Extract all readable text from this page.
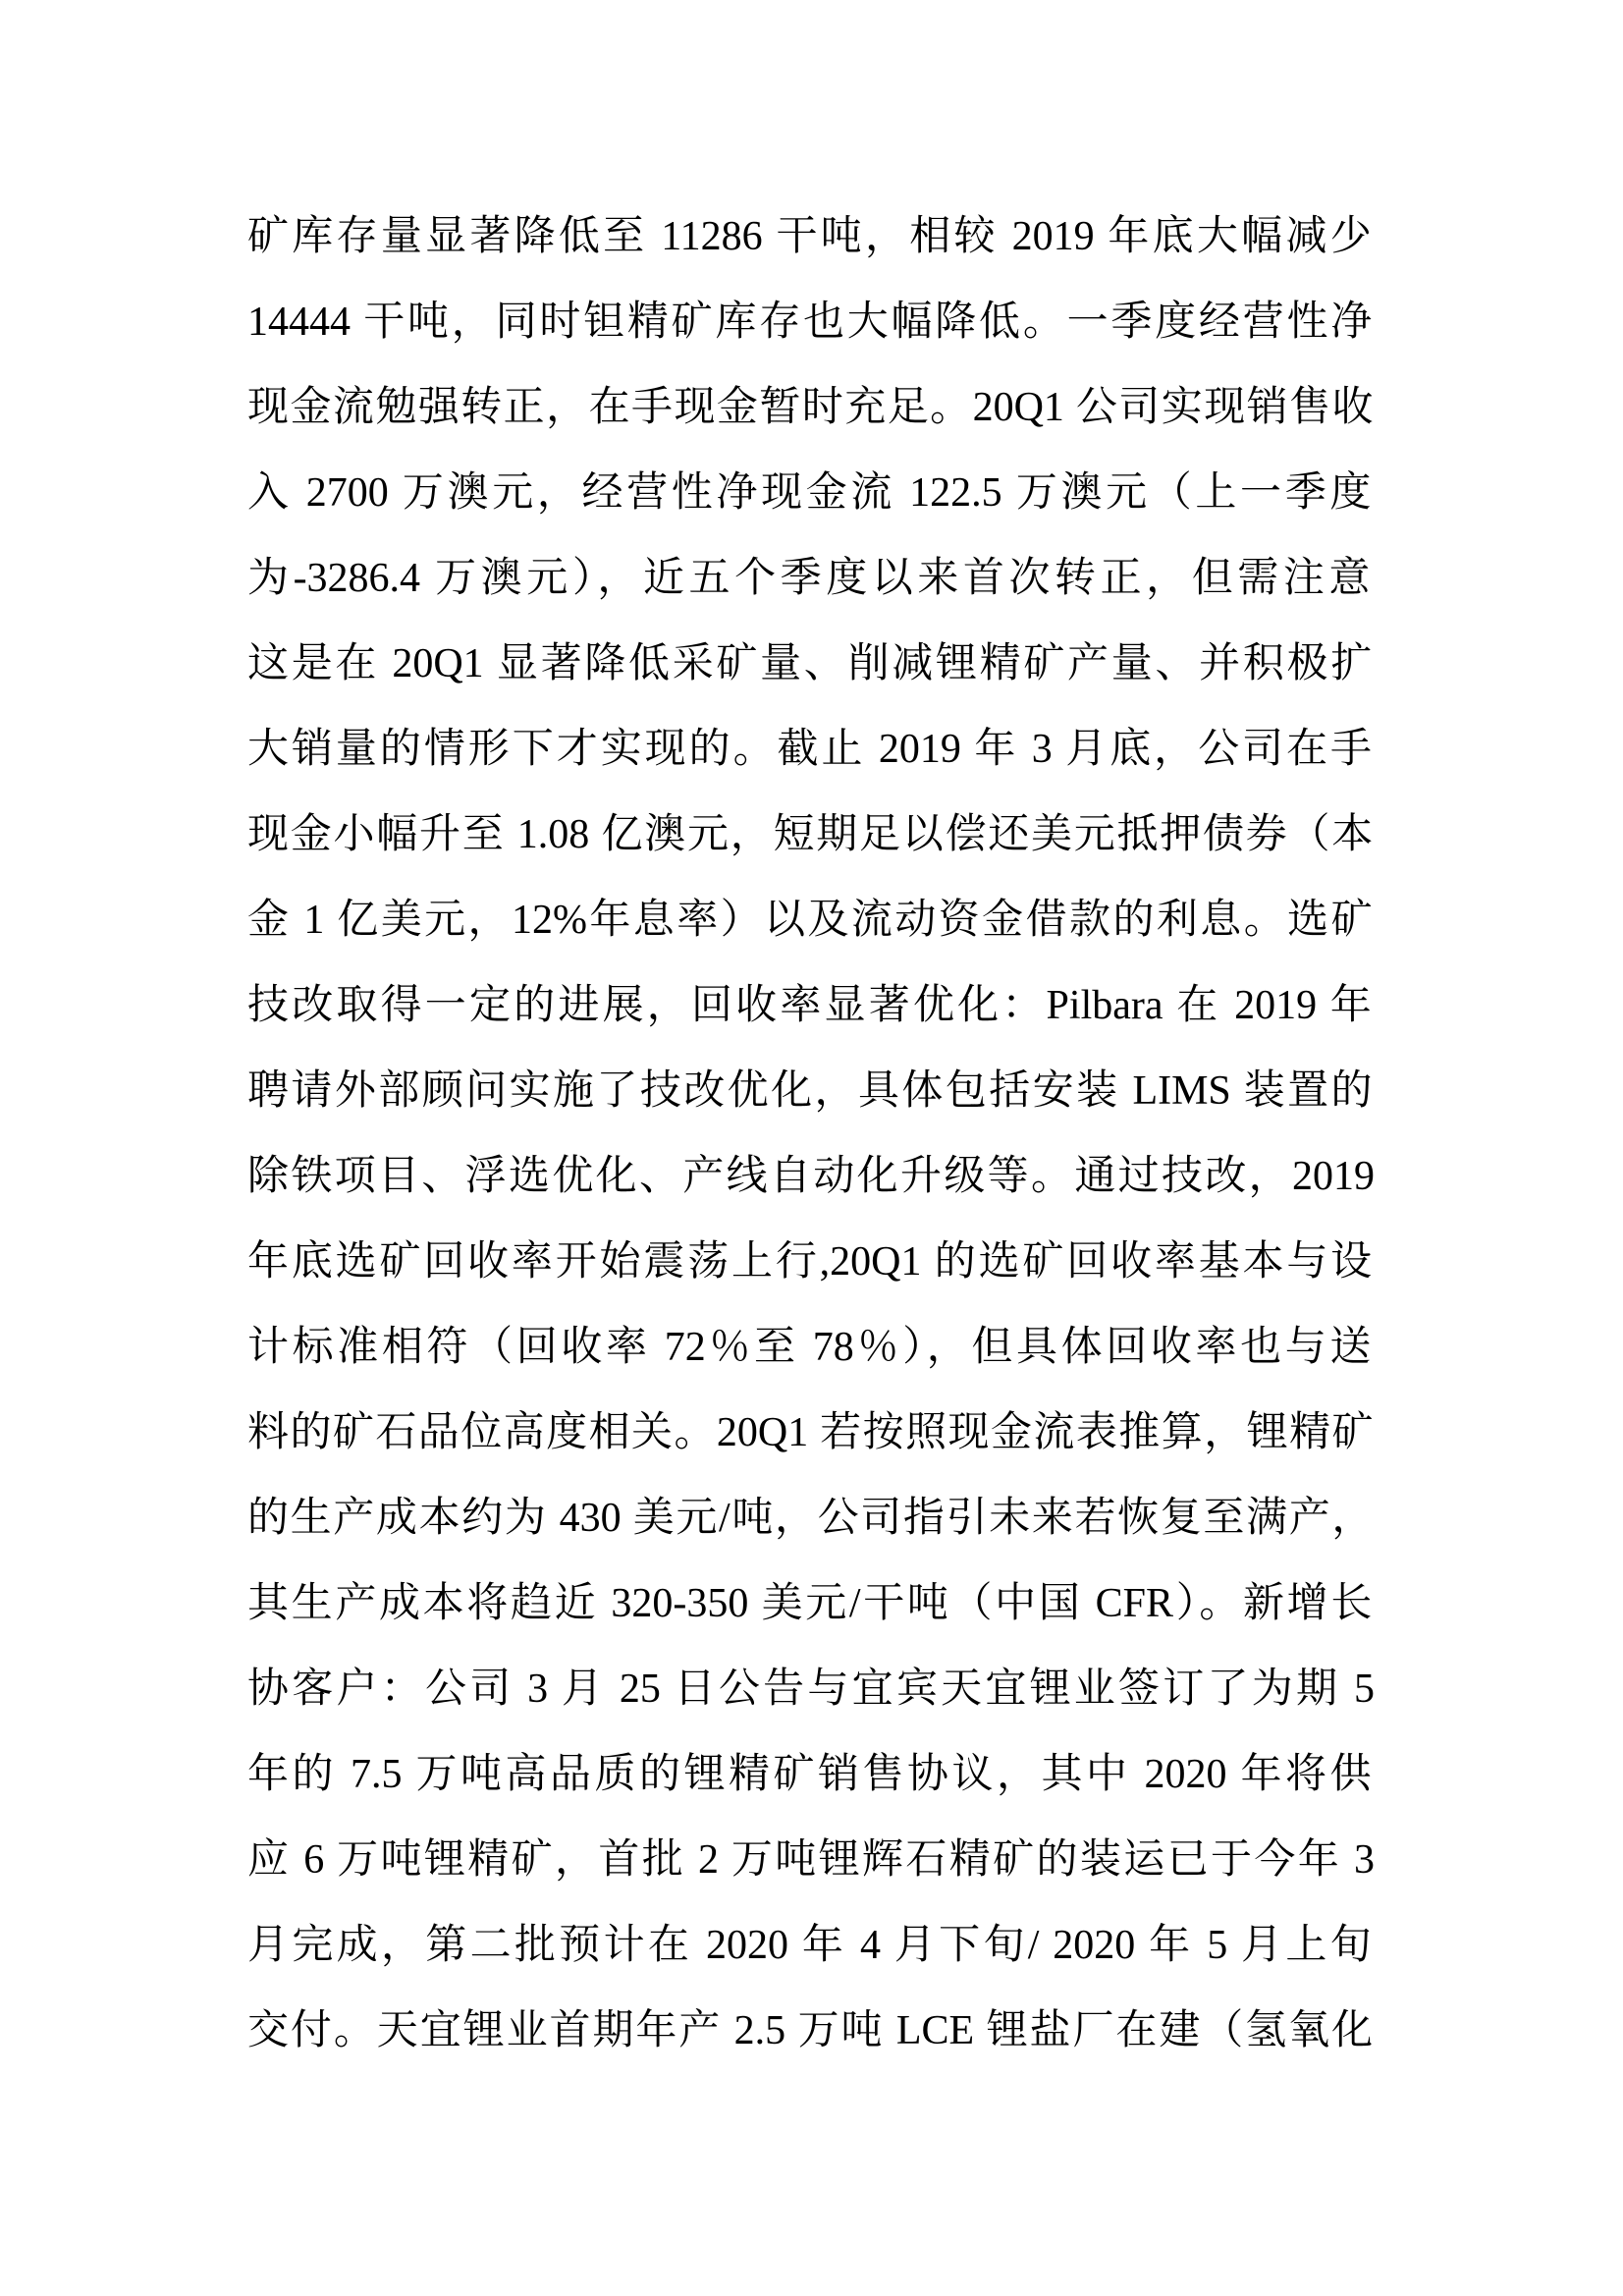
矿库存量显著降低至 11286 干吨，相较 2019 年底大幅减少
14444 干吨，同时钽精矿库存也大幅降低。一季度经营性净
现金流勉强转正，在手现金暂时充足。20Q1 公司实现销售收
入 2700 万澳元，经营性净现金流 122.5 万澳元（上一季度
为-3286.4 万澳元），近五个季度以来首次转正，但需注意
这是在 20Q1 显著降低采矿量、削减锂精矿产量、并积极扩
大销量的情形下才实现的。截止 2019 年 3 月底，公司在手
现金小幅升至 1.08 亿澳元，短期足以偿还美元抵押债券（本
金 1 亿美元，12%年息率）以及流动资金借款的利息。选矿
技改取得一定的进展，回收率显著优化：Pilbara 在 2019 年
聘请外部顾问实施了技改优化，具体包括安装 LIMS 装置的
除铁项目、浮选优化、产线自动化升级等。通过技改，2019
年底选矿回收率开始震荡上行,20Q1 的选矿回收率基本与设
计标准相符（回收率 72％至 78％），但具体回收率也与送
料的矿石品位高度相关。20Q1 若按照现金流表推算，锂精矿
的生产成本约为 430 美元/吨，公司指引未来若恢复至满产，
其生产成本将趋近 320-350 美元/干吨（中国 CFR）。新增长
协客户：公司 3 月 25 日公告与宜宾天宜锂业签订了为期 5
年的 7.5 万吨高品质的锂精矿销售协议，其中 2020 年将供
应 6 万吨锂精矿，首批 2 万吨锂辉石精矿的装运已于今年 3
月完成，第二批预计在 2020 年 4 月下旬/ 2020 年 5 月上旬
交付。天宜锂业首期年产 2.5 万吨 LCE 锂盐厂在建（氢氧化
